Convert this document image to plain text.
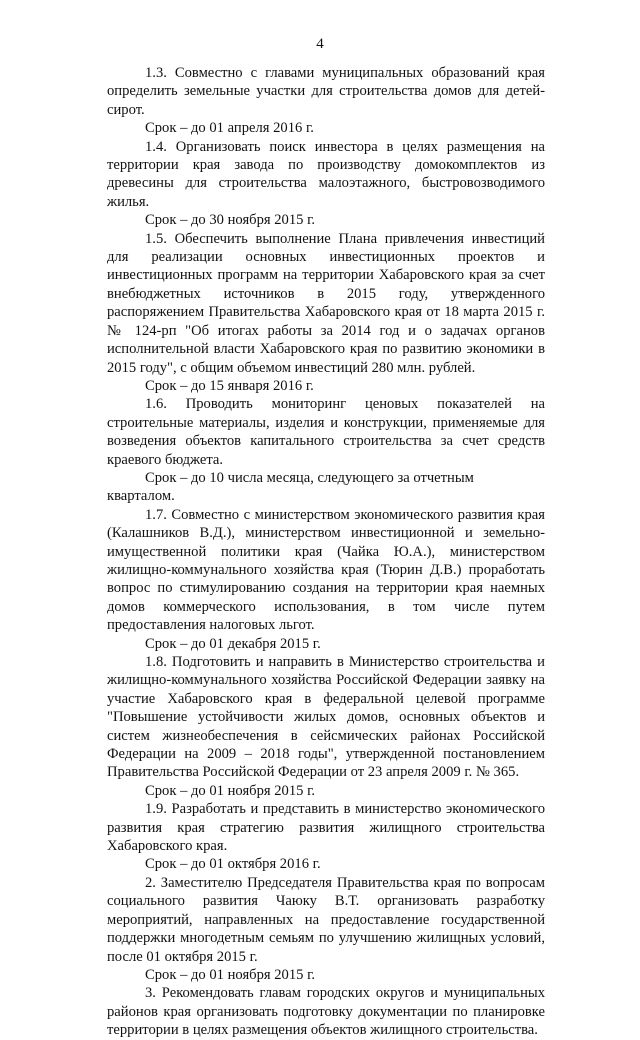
4

1.3. Совместно с главами муниципальных образований края определить земельные участки для строительства домов для детей-сирот.

Срок – до 01 апреля 2016 г.

1.4. Организовать поиск инвестора в целях размещения на территории края завода по производству домокомплектов из древесины для строительства малоэтажного, быстровозводимого жилья.

Срок – до 30 ноября 2015 г.

1.5. Обеспечить выполнение Плана привлечения инвестиций для реализации основных инвестиционных проектов и инвестиционных программ на территории Хабаровского края за счет внебюджетных источников в 2015 году, утвержденного распоряжением Правительства Хабаровского края от 18 марта 2015 г. № 124-рп "Об итогах работы за 2014 год и о задачах органов исполнительной власти Хабаровского края по развитию экономики в 2015 году", с общим объемом инвестиций 280 млн. рублей.

Срок – до 15 января 2016 г.

1.6. Проводить мониторинг ценовых показателей на строительные материалы, изделия и конструкции, применяемые для возведения объектов капитального строительства за счет средств краевого бюджета.

Срок – до 10 числа месяца, следующего за отчетным кварталом.

1.7. Совместно с министерством экономического развития края (Калашников В.Д.), министерством инвестиционной и земельно-имущественной политики края (Чайка Ю.А.), министерством жилищно-коммунального хозяйства края (Тюрин Д.В.) проработать вопрос по стимулированию создания на территории края наемных домов коммерческого использования, в том числе путем предоставления налоговых льгот.

Срок – до 01 декабря 2015 г.

1.8. Подготовить и направить в Министерство строительства и жилищно-коммунального хозяйства Российской Федерации заявку на участие Хабаровского края в федеральной целевой программе "Повышение устойчивости жилых домов, основных объектов и систем жизнеобеспечения в сейсмических районах Российской Федерации на 2009 – 2018 годы", утвержденной постановлением Правительства Российской Федерации от 23 апреля 2009 г. № 365.

Срок – до 01 ноября 2015 г.

1.9. Разработать и представить в министерство экономического развития края стратегию развития жилищного строительства Хабаровского края.

Срок – до 01 октября 2016 г.

2. Заместителю Председателя Правительства края по вопросам социального развития Чаюку В.Т. организовать разработку мероприятий, направленных на предоставление государственной поддержки многодетным семьям по улучшению жилищных условий, после 01 октября 2015 г.

Срок – до 01 ноября 2015 г.

3. Рекомендовать главам городских округов и муниципальных районов края организовать подготовку документации по планировке территории в целях размещения объектов жилищного строительства.
